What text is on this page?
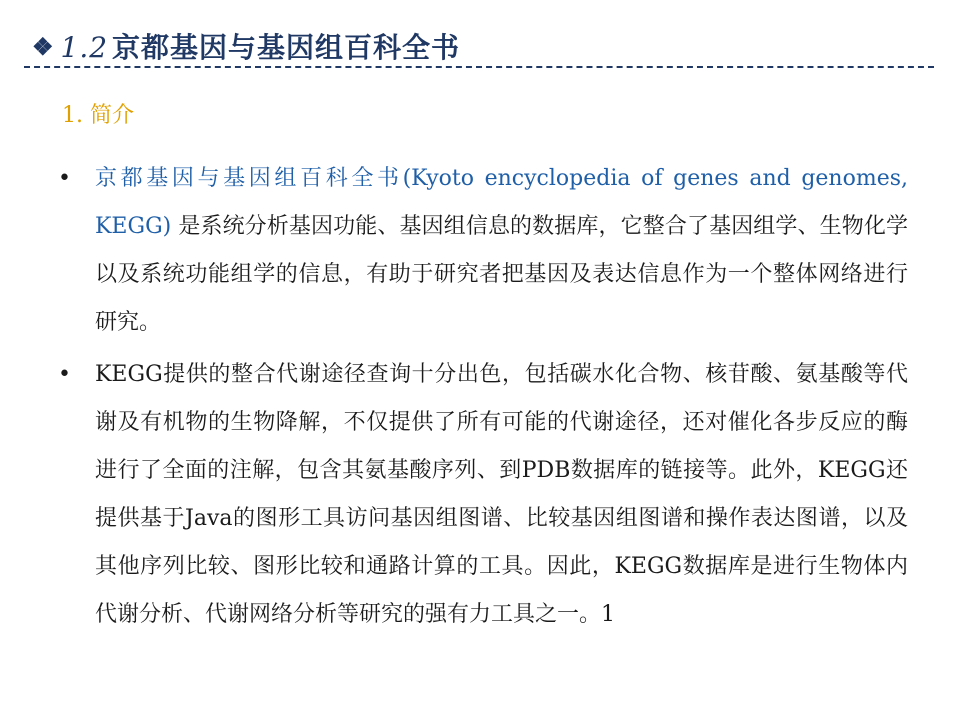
❖ 1.2 京都基因与基因组百科全书
1. 简介
• 京都基因与基因组百科全书(Kyoto encyclopedia of genes and genomes, KEGG) 是系统分析基因功能、基因组信息的数据库，它整合了基因组学、生物化学以及系统功能组学的信息，有助于研究者把基因及表达信息作为一个整体网络进行研究。
• KEGG提供的整合代谢途径查询十分出色，包括碳水化合物、核苷酸、氨基酸等代谢及有机物的生物降解，不仅提供了所有可能的代谢途径，还对催化各步反应的酶进行了全面的注解，包含其氨基酸序列、到PDB数据库的链接等。此外，KEGG还提供基于Java的图形工具访问基因组图谱、比较基因组图谱和操作表达图谱，以及其他序列比较、图形比较和通路计算的工具。因此，KEGG数据库是进行生物体内代谢分析、代谢网络分析等研究的强有力工具之一。1
